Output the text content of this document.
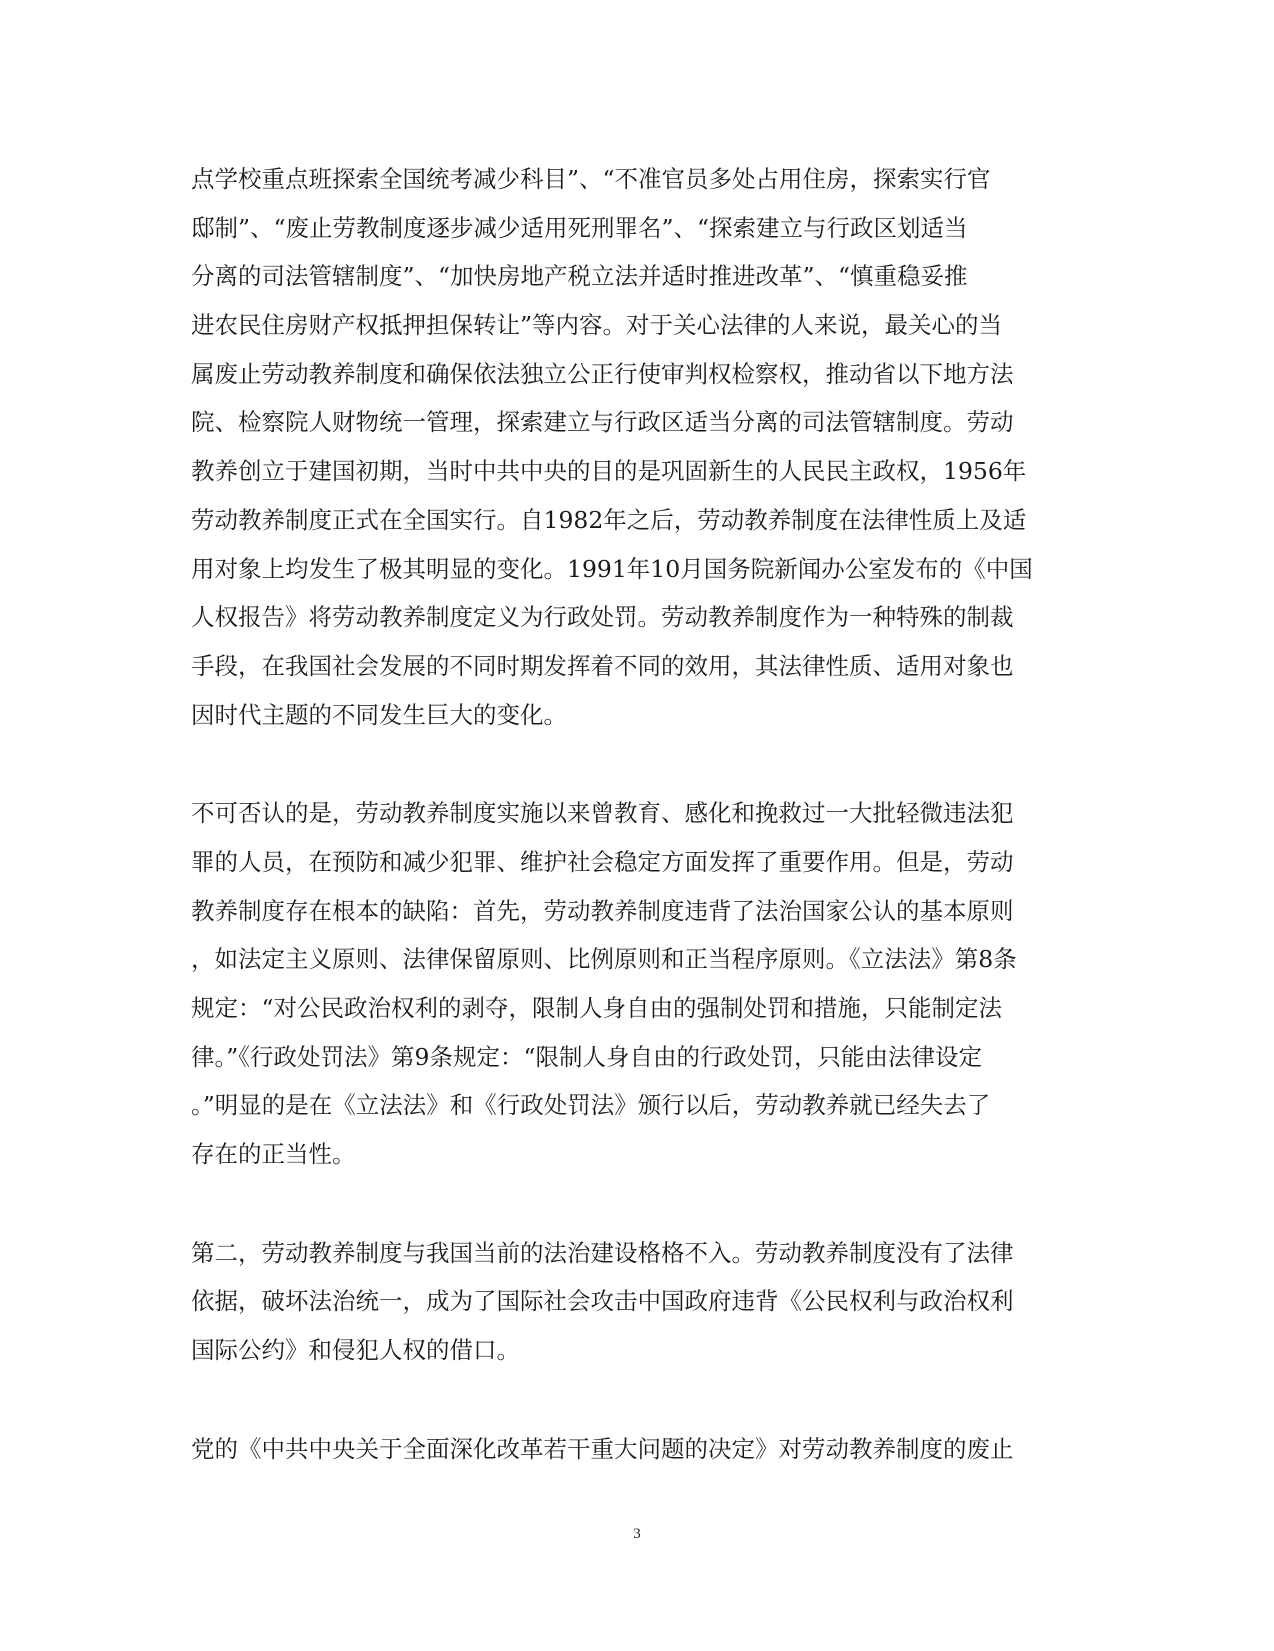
点学校重点班探索全国统考减少科目”、“不准官员多处占用住房，探索实行官
邸制”、“废止劳教制度逐步减少适用死刑罪名”、“探索建立与行政区划适当
分离的司法管辖制度”、“加快房地产税立法并适时推进改革”、“慎重稳妥推
进农民住房财产权抵押担保转让”等内容。对于关心法律的人来说，最关心的当
属废止劳动教养制度和确保依法独立公正行使审判权检察权，推动省以下地方法
院、检察院人财物统一管理，探索建立与行政区适当分离的司法管辖制度。劳动
教养创立于建国初期，当时中共中央的目的是巩固新生的人民民主政权，1956年
劳动教养制度正式在全国实行。自1982年之后，劳动教养制度在法律性质上及适
用对象上均发生了极其明显的变化。1991年10月国务院新闻办公室发布的《中国
人权报告》将劳动教养制度定义为行政处罚。劳动教养制度作为一种特殊的制裁
手段，在我国社会发展的不同时期发挥着不同的效用，其法律性质、适用对象也
因时代主题的不同发生巨大的变化。
不可否认的是，劳动教养制度实施以来曾教育、感化和挽救过一大批轻微违法犯
罪的人员，在预防和减少犯罪、维护社会稳定方面发挥了重要作用。但是，劳动
教养制度存在根本的缺陷：首先，劳动教养制度违背了法治国家公认的基本原则
，如法定主义原则、法律保留原则、比例原则和正当程序原则。《立法法》第8条
规定：“对公民政治权利的剥夺，限制人身自由的强制处罚和措施，只能制定法
律。”《行政处罚法》第9条规定：“限制人身自由的行政处罚，只能由法律设定
。”明显的是在《立法法》和《行政处罚法》颁行以后，劳动教养就已经失去了
存在的正当性。
第二，劳动教养制度与我国当前的法治建设格格不入。劳动教养制度没有了法律
依据，破坏法治统一，成为了国际社会攻击中国政府违背《公民权利与政治权利
国际公约》和侵犯人权的借口。
党的《中共中央关于全面深化改革若干重大问题的决定》对劳动教养制度的废止
3
